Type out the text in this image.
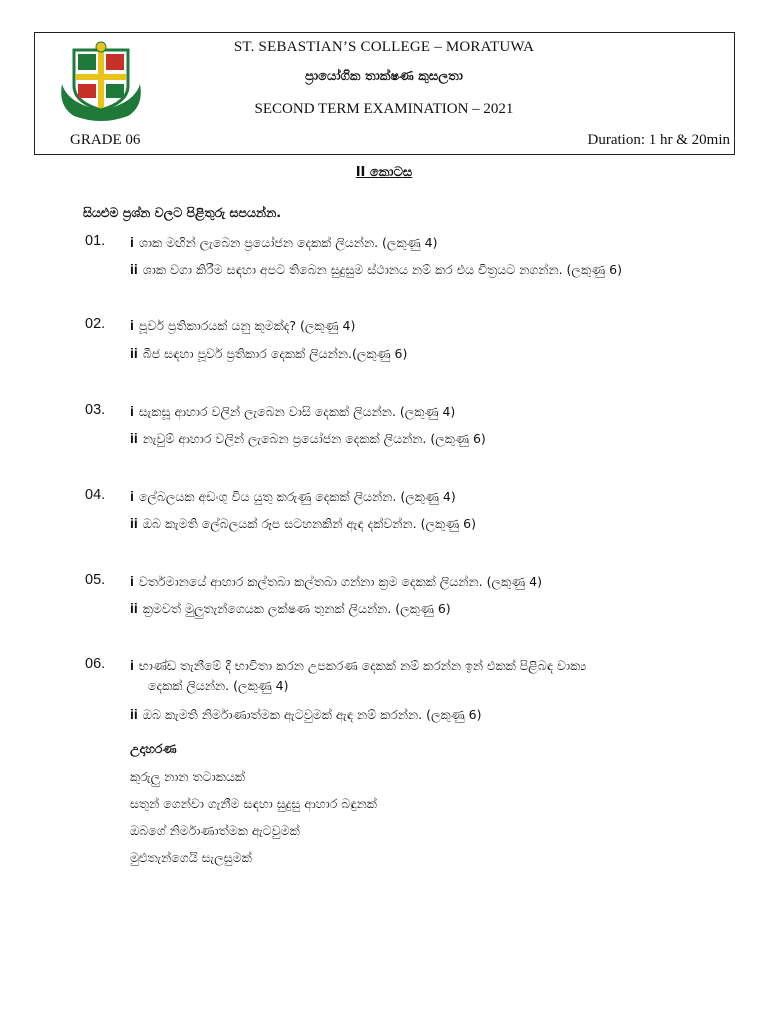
ST. SEBASTIAN’S COLLEGE – MORATUWA
ප්‍රායෝගික තාක්ෂණ කුසලතා
SECOND TERM EXAMINATION – 2021
GRADE 06	Duration: 1 hr & 20min
II කොටස
සියළුම ප්‍රශ්න වලට පිළිතුරු සපයන්න.
01. i ශාක මඟින් ලැබෙන ප්‍රයෝජන දෙකක් ලියන්න. (ලකුණු 4)
ii ශාක වගා කිරීම සඳහා අපට තිබෙන සුදුසුම ස්ථානය නම් කර එය චිත්‍රයට නගන්න. (ලකුණු 6)
02. i පූර්ව ප්‍රතිකාරයක් යනු කුමක්ද? (ලකුණු 4)
ii බීජ සඳහා පූර්ව ප්‍රතිකාර දෙකක් ලියන්න.(ලකුණු 6)
03. i සැකසූ ආහාර වලින් ලැබෙන වාසි දෙකක් ලියන්න. (ලකුණු 4)
ii නැවුම් ආහාර වලින් ලැබෙන ප්‍රයෝජන දෙකක් ලියන්න. (ලකුණු 6)
04. i ලේබලයක අඩංගු විය යුතු කරුණු දෙකක් ලියන්න. (ලකුණු 4)
ii ඔබ කැමති ලේබලයක් රූප සටහනකින් ඇඳ දක්වන්න. (ලකුණු 6)
05. i වර්තමානයේ ආහාර කල්තබා කල්තබා ගන්නා ක්‍රම දෙකක් ලියන්න. (ලකුණු 4)
ii ක්‍රමවත් මුලුතැන්ගෙයක ලක්ෂණ තුනක් ලියන්න. (ලකුණු 6)
06. i භාණ්ඩ තැනීමේ දී භාවිතා කරන උපකරණ දෙකක් නම් කරන්න ඉන් එකක් පිළිබඳ වාක්‍ය
දෙකක් ලියන්න. (ලකුණු 4)
ii ඔබ කැමති නිර්මාණාත්මක ඇටවුමක් ඇඳ නම් කරන්න. (ලකුණු 6)
උදාහරණ
කුරුලු නාන තටාකයක්
සතුන් ගෙන්වා ගැනීම සඳහා සුදුසු ආහාර බඳුනක්
ඔබගේ නිර්මාණාත්මක ඇටවුමක්
මුළුතැන්ගෙයි සැලසුමක්
